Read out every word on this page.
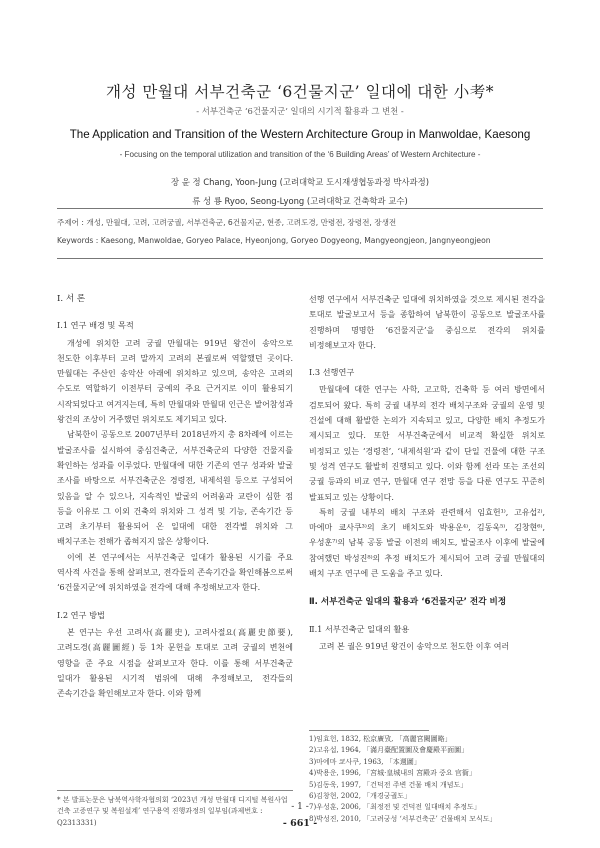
개성 만월대 서부건축군 ‘6건물지군’ 일대에 대한 小考*
- 서부건축군 ‘6건물지군’ 일대의 시기적 활용과 그 변천 -
The Application and Transition of the Western Architecture Group in Manwoldae, Kaesong
- Focusing on the temporal utilization and transition of the ‘6 Building Areas’ of Western Architecture -
장 윤 정 Chang, Yoon-Jung (고려대학교 도시재생협동과정 박사과정)
류 성 룡 Ryoo, Seong-Lyong (고려대학교 건축학과 교수)
주제어 : 개성, 만월대, 고려, 고려궁궐, 서부건축군, 6건물지군, 현종, 고려도경, 만령전, 장령전, 장생전
Keywords : Kaesong, Manwoldae, Goryeo Palace, Hyeonjong, Goryeo Dogyeong, Mangyeongjeon, Jangnyeongjeon
Ⅰ. 서 론
Ⅰ.1 연구 배경 및 목적

개성에 위치한 고려 궁궐 만월대는 919년 왕건이 송악으로 천도한 이후부터 고려 말까지 고려의 본궐로써 역할했던 곳이다. 만월대는 주산인 송악산 아래에 위치하고 있으며, 송악은 고려의 수도로 역할하기 이전부터 궁예의 주요 근거지로 이미 활용되기 시작되었다고 여겨지는데, 특히 만월대와 만월대 인근은 발어참성과 왕건의 조상이 거주했던 위치로도 제기되고 있다.

남북한이 공동으로 2007년부터 2018년까지 총 8차례에 이르는 발굴조사를 실시하여 중심건축군, 서부건축군의 다양한 건물지를 확인하는 성과를 이루었다. 만월대에 대한 기존의 연구 성과와 발굴 조사를 바탕으로 서부건축군은 경령전, 내제석원 등으로 구성되어 있음을 알 수 있으나, 지속적인 발굴의 어려움과 교란이 심한 점 등을 이유로 그 이외 건축의 위치와 그 성격 및 기능, 존속기간 등 고려 초기부터 활용되어 온 일대에 대한 전각별 위치와 그 배치구조는 전해가 좁혀지지 않은 상황이다.

이에 본 연구에서는 서부건축군 일대가 활용된 시기를 주요 역사적 사건을 통해 살펴보고, 전각들의 존속기간을 확인해봄으로써 ‘6건물지군’에 위치하였을 전각에 대해 추정해보고자 한다.

Ⅰ.2 연구 방법

본 연구는 우선 고려사(高麗史), 고려사절요(高麗史節要), 고려도경(高麗圖經) 등 1차 문헌을 토대로 고려 궁궐의 변천에 영향을 준 주요 시점을 살펴보고자 한다. 이를 통해 서부건축군 일대가 활용된 시기적 범위에 대해 추정해보고, 전각들의 존속기간을 확인해보고자 한다. 이와 함께

* 본 발표논문은 남북역사학자협의회 ‘2023년 개성 만월대 디지털 복원사업 건축 고증연구 및 복원설계’ 연구용역 진행과정의 일부임(과제번호 : Q2313331)

선행 연구에서 서부건축군 일대에 위치하였을 것으로 제시된 전각을 토대로 발굴보고서 등을 종합하여 남북한이 공동으로 발굴조사를 진행하며 명명한 ‘6건물지군’을 중심으로 전각의 위치를 비정해보고자 한다.

Ⅰ.3 선행연구

만월대에 대한 연구는 사학, 고고학, 건축학 등 여러 방면에서 검토되어 왔다. 특히 궁궐 내부의 전각 배치구조와 궁궐의 운영 및 건설에 대해 활발한 논의가 지속되고 있고, 다양한 배치 추정도가 제시되고 있다. 또한 서부건축군에서 비교적 확실한 위치로 비정되고 있는 ‘경령전’, ‘내제석원’과 같이 단일 건물에 대한 구조 및 성격 연구도 활발히 진행되고 있다. 이와 함께 선라 또는 조선의 궁궐 등과의 비교 연구, 만월대 연구 전망 등을 다룬 연구도 꾸준히 발표되고 있는 상황이다.

특히 궁궐 내부의 배치 구조와 관련해서 임효헌¹⁾, 고유섭²⁾, 마에마 쿄사쿠³⁾의 초기 배치도와 박용운⁴⁾, 김동욱⁵⁾, 김창현⁶⁾, 우성훈⁷⁾의 남북 공동 발굴 이전의 배치도, 발굴조사 이후에 발굴에 참여했던 박성진⁸⁾의 추정 배치도가 제시되어 고려 궁궐 만월대의 배치 구조 연구에 큰 도움을 주고 있다.

Ⅱ. 서부건축군 일대의 활용과 ‘6건물지군’ 전각 비정
Ⅱ.1 서부건축군 일대의 활용

고려 본 궐은 919년 왕건이 송악으로 천도한 이후 여러

1)임효헌, 1832, 松京廣攷, 「高麗宮闕圖略」
2)고유섭, 1964, 「滿月臺配置圖及會慶殿平面圖」
3)마에마 쿄사쿠, 1963, 「本週圖」
4)박용운, 1996, 「宮城·皇城내의 宮殿과 중요 官衙」
5)김동욱, 1997, 「건덕전 주변 건물 배치 개념도」
6)김창현, 2002, 「개경궁궐도」
7)우성훈, 2006, 「최정전 및 건덕전 일대배치 추정도」
8)박성진, 2010, 「고려궁성 ‘서부건축군’ 건물배치 모식도」
- 1 -
- 661 -
